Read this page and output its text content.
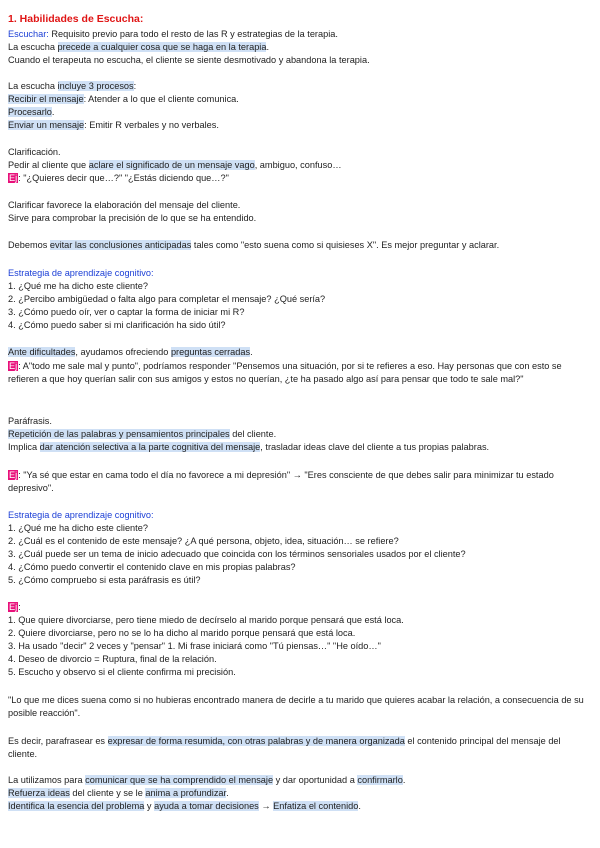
1. Habilidades de Escucha:
Escuchar: Requisito previo para todo el resto de las R y estrategias de la terapia.
La escucha precede a cualquier cosa que se haga en la terapia.
Cuando el terapeuta no escucha, el cliente se siente desmotivado y abandona la terapia.
La escucha incluye 3 procesos:
Recibir el mensaje: Atender a lo que el cliente comunica.
Procesarlo.
Enviar un mensaje: Emitir R verbales y no verbales.
Clarificación.
Pedir al cliente que aclare el significado de un mensaje vago, ambiguo, confuso…
Ej: "¿Quieres decir que…?" "¿Estás diciendo que…?"
Clarificar favorece la elaboración del mensaje del cliente.
Sirve para comprobar la precisión de lo que se ha entendido.
Debemos evitar las conclusiones anticipadas tales como "esto suena como si quisieses X". Es mejor preguntar y aclarar.
Estrategia de aprendizaje cognitivo:
1. ¿Qué me ha dicho este cliente?
2. ¿Percibo ambigüedad o falta algo para completar el mensaje? ¿Qué sería?
3. ¿Cómo puedo oír, ver o captar la forma de iniciar mi R?
4. ¿Cómo puedo saber si mi clarificación ha sido útil?
Ante dificultades, ayudamos ofreciendo preguntas cerradas.
Ej: A"todo me sale mal y punto", podríamos responder "Pensemos una situación, por si te refieres a eso. Hay personas que con esto se refieren a que hoy querían salir con sus amigos y estos no querían, ¿te ha pasado algo así para pensar que todo te sale mal?"
Paráfrasis.
Repetición de las palabras y pensamientos principales del cliente.
Implica dar atención selectiva a la parte cognitiva del mensaje, trasladar ideas clave del cliente a tus propias palabras.
Ej: "Ya sé que estar en cama todo el día no favorece a mi depresión" → "Eres consciente de que debes salir para minimizar tu estado depresivo".
Estrategia de aprendizaje cognitivo:
1. ¿Qué me ha dicho este cliente?
2. ¿Cuál es el contenido de este mensaje? ¿A qué persona, objeto, idea, situación… se refiere?
3. ¿Cuál puede ser un tema de inicio adecuado que coincida con los términos sensoriales usados por el cliente?
4. ¿Cómo puedo convertir el contenido clave en mis propias palabras?
5. ¿Cómo compruebo si esta paráfrasis es útil?
Ej:
1. Que quiere divorciarse, pero tiene miedo de decírselo al marido porque pensará que está loca.
2. Quiere divorciarse, pero no se lo ha dicho al marido porque pensará que está loca.
3. Ha usado "decir" 2 veces y "pensar" 1. Mi frase iniciará como "Tú piensas…" "He oído…"
4. Deseo de divorcio = Ruptura, final de la relación.
5. Escucho y observo si el cliente confirma mi precisión.
"Lo que me dices suena como si no hubieras encontrado manera de decirle a tu marido que quieres acabar la relación, a consecuencia de su posible reacción".
Es decir, parafrasear es expresar de forma resumida, con otras palabras y de manera organizada el contenido principal del mensaje del cliente.
La utilizamos para comunicar que se ha comprendido el mensaje y dar oportunidad a confirmarlo.
Refuerza ideas del cliente y se le anima a profundizar.
Identifica la esencia del problema y ayuda a tomar decisiones → Enfatiza el contenido.
